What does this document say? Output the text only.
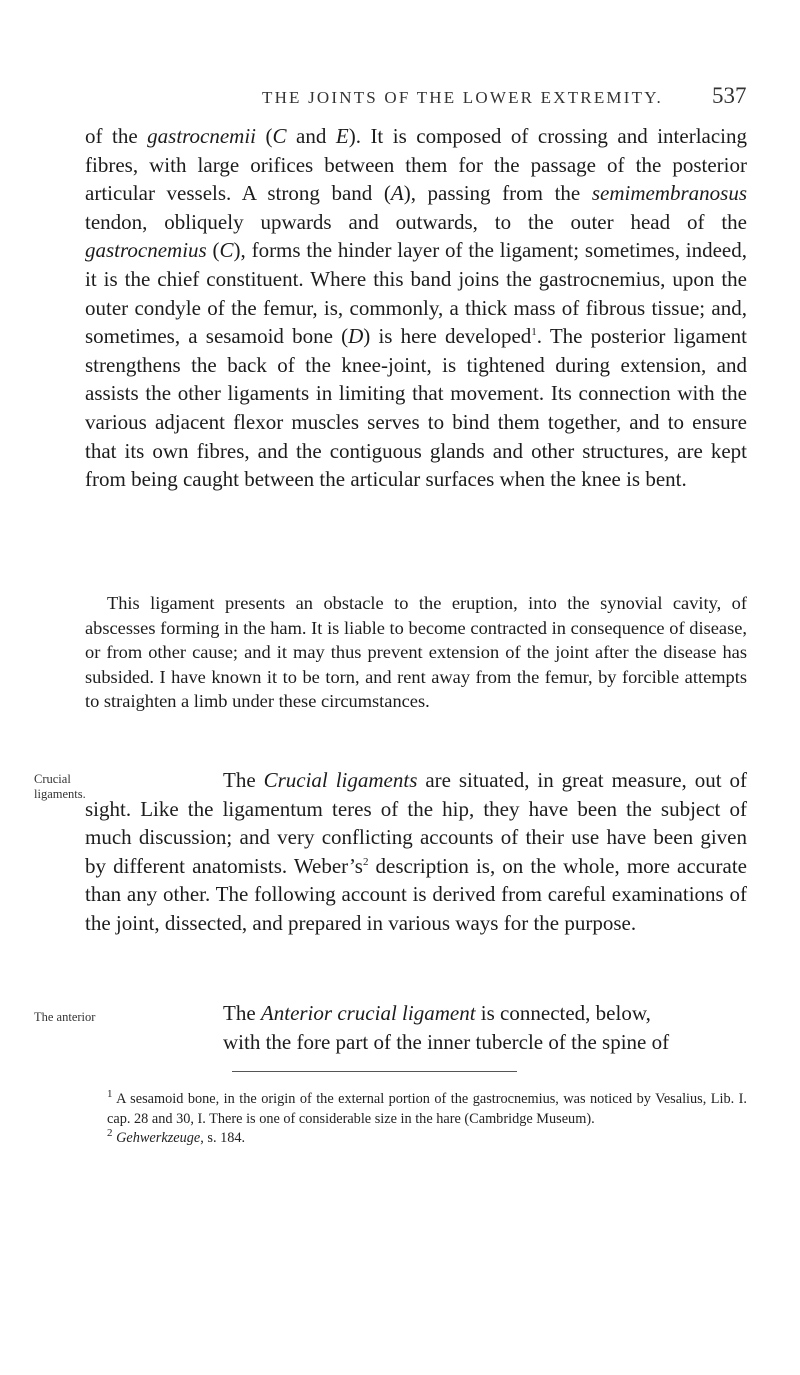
THE JOINTS OF THE LOWER EXTREMITY. 537

of the gastrocnemii (C and E). It is composed of crossing and interlacing fibres, with large orifices between them for the passage of the posterior articular vessels. A strong band (A), passing from the semimembranosus tendon, obliquely upwards and outwards, to the outer head of the gastrocnemius (C), forms the hinder layer of the ligament; sometimes, indeed, it is the chief constituent. Where this band joins the gastrocnemius, upon the outer condyle of the femur, is, commonly, a thick mass of fibrous tissue; and, sometimes, a sesamoid bone (D) is here developed$^1$. The posterior ligament strengthens the back of the knee-joint, is tightened during extension, and assists the other ligaments in limiting that movement. Its connection with the various adjacent flexor muscles serves to bind them together, and to ensure that its own fibres, and the contiguous glands and other structures, are kept from being caught between the articular surfaces when the knee is bent.

This ligament presents an obstacle to the eruption, into the synovial cavity, of abscesses forming in the ham. It is liable to become contracted in consequence of disease, or from other cause; and it may thus prevent extension of the joint after the disease has subsided. I have known it to be torn, and rent away from the femur, by forcible attempts to straighten a limb under these circumstances.

Crucial
ligaments.

The Crucial ligaments are situated, in great measure, out of sight. Like the ligamentum teres of the hip, they have been the subject of much discussion; and very conflicting accounts of their use have been given by different anatomists. $Weber’s^2$ description is, on the whole, more accurate than any other. The following account is derived from careful examinations of the joint, dissected, and prepared in various ways for the purpose.

The anterior	The Anterior crucial ligament is connected, below,

with the fore part of the inner tubercle of the spine of

$^1$ A sesamoid bone, in the origin of the external portion of the gastrocnemius, was noticed by Vesalius, Lib. I. cap. 28 and 30, I. There is one of considerable size in the hare (Cambridge Museum).

$^2$ Gehwerkzeuge, s. 184.
